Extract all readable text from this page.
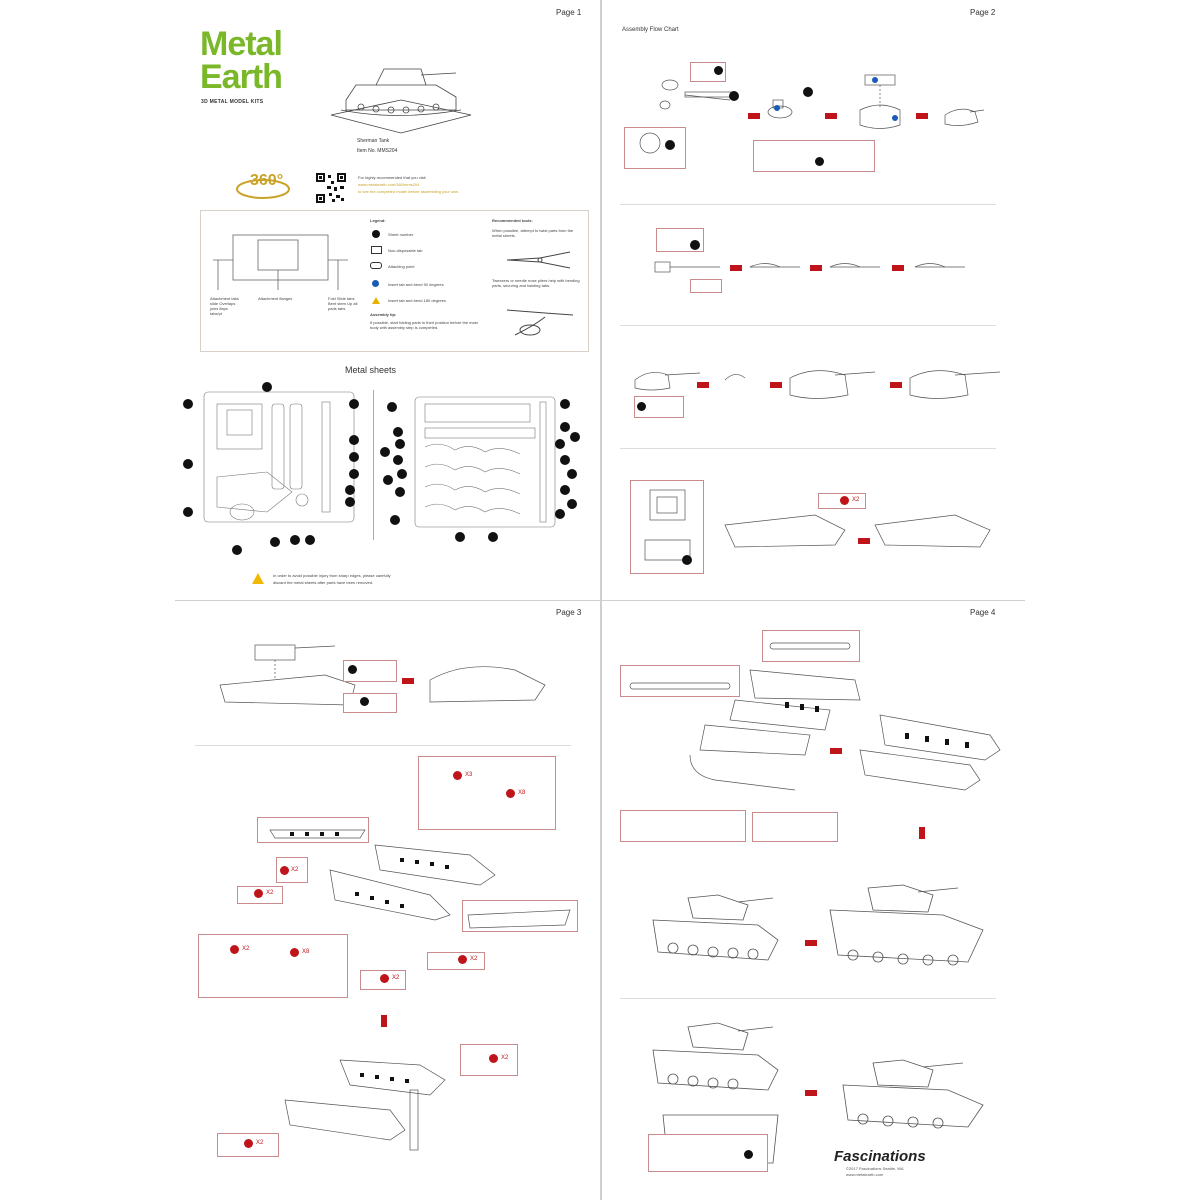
Page 1	Page 2
Page 3	Page 4
Metal
Earth
3D METAL MODEL KITS
Sherman Tank
Item No. MMS204
360°	For highly recommended that you visit
www.metalearth.com/360/mms204
to see the completed model before assembling your own.
Attachment tabs slide Overlaps joins flaps tabs/pt
Attachment flanges	Fold Slide tabs Bent stem Up all pads tabs
Legend:
Sheet number
Non-disposable tab
Attaching point
Insert tab and bend 90 degrees
Insert tab and bend 180 degrees
Assembly tip:
If possible, start folding parts in their position before the main body with assembly step is completed.
Recommended tools:
When possible, attempt to twist parts from the metal sheets.
Tweezers or needle nose pliers help with bending parts, securing and twisting tabs.
Metal sheets
In order to avoid possible injury from sharp edges, please carefully
discard the metal sheets after parts have been removed.
Assembly Flow Chart
X2
X3
X8
X2
X2
X2	X8
X2
X2
X2
X2
Fascinations
©2017 Fascinations Seattle, WA
www.metalearth.com
